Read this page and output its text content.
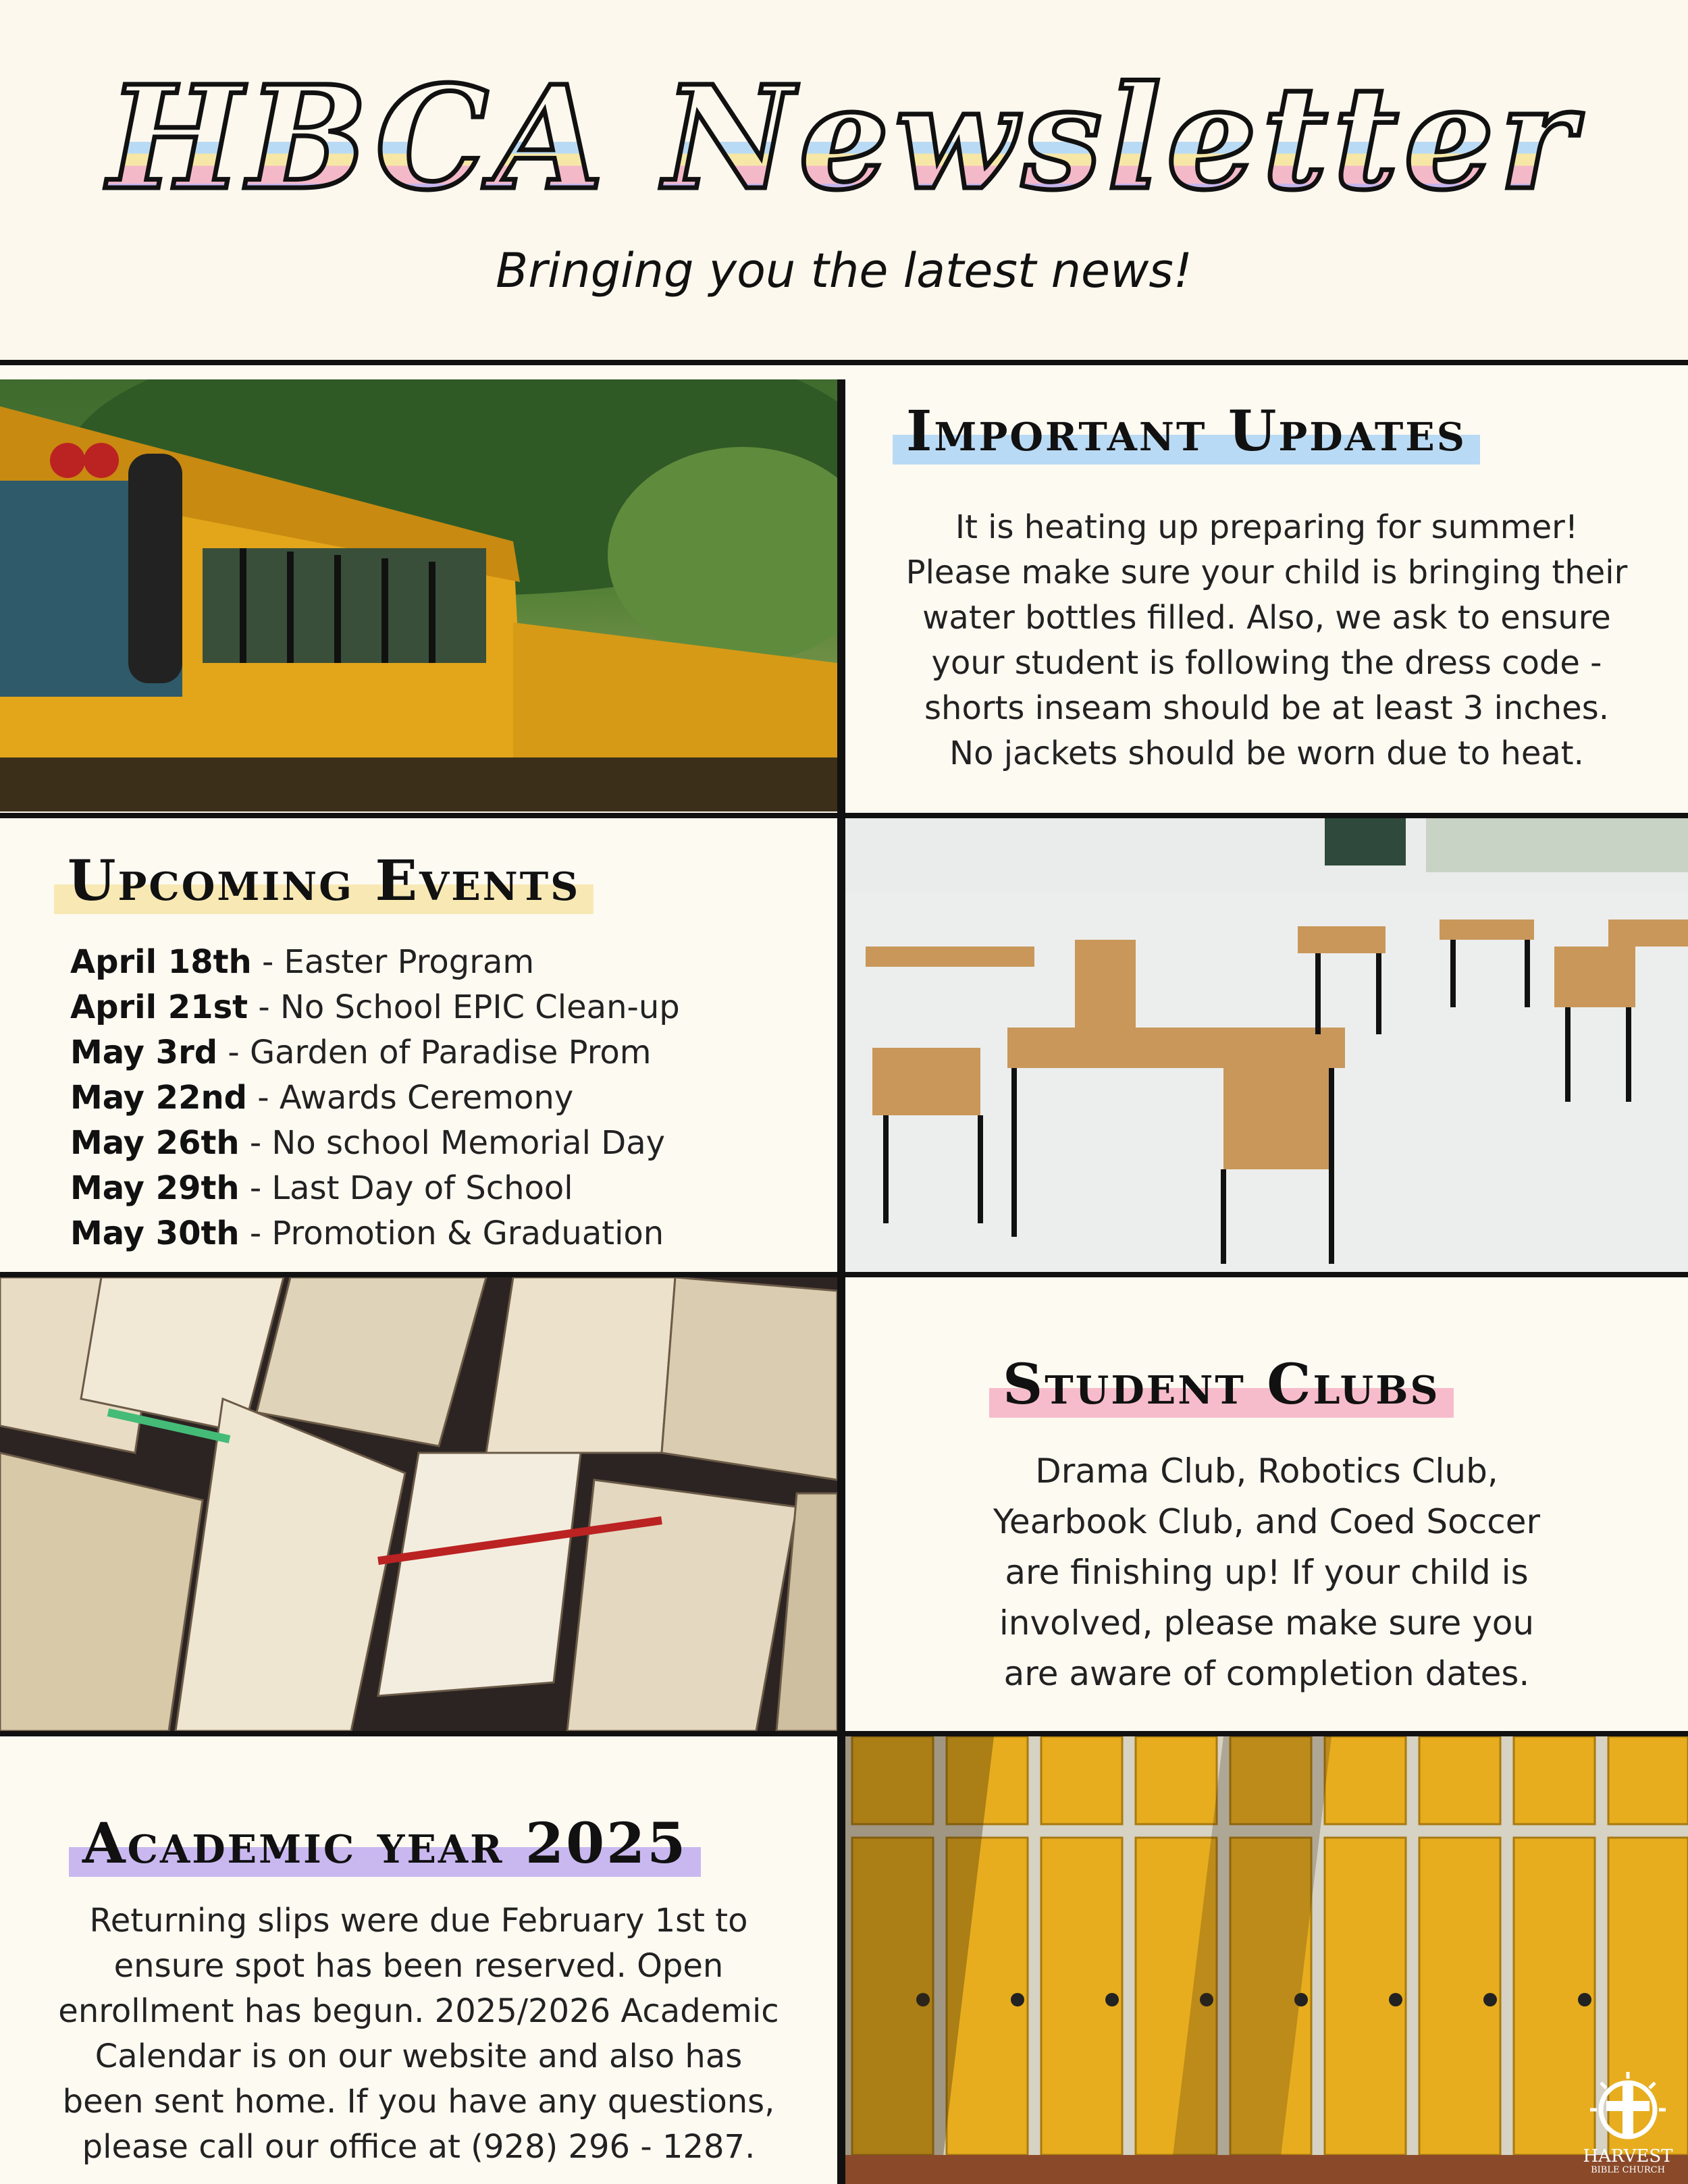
HBCA Newsletter
Bringing you the latest news!
Important Updates
It is heating up preparing for summer!
Please make sure your child is bringing their
water bottles filled. Also, we ask to ensure
your student is following the dress code -
shorts inseam should be at least 3 inches.
No jackets should be worn due to heat.
Upcoming Events
April 18th - Easter Program
April 21st - No School EPIC Clean-up
May 3rd - Garden of Paradise Prom
May 22nd - Awards Ceremony
May 26th - No school Memorial Day
May 29th - Last Day of School
May 30th - Promotion & Graduation
Student Clubs
Drama Club, Robotics Club,
Yearbook Club, and Coed Soccer
are finishing up! If your child is
involved, please make sure you
are aware of completion dates.
Academic year 2025
Returning slips were due February 1st to
ensure spot has been reserved. Open
enrollment has begun. 2025/2026 Academic
Calendar is on our website and also has
been sent home. If you have any questions,
please call our office at (928) 296 - 1287.	HARVEST
BIBLE CHURCH
